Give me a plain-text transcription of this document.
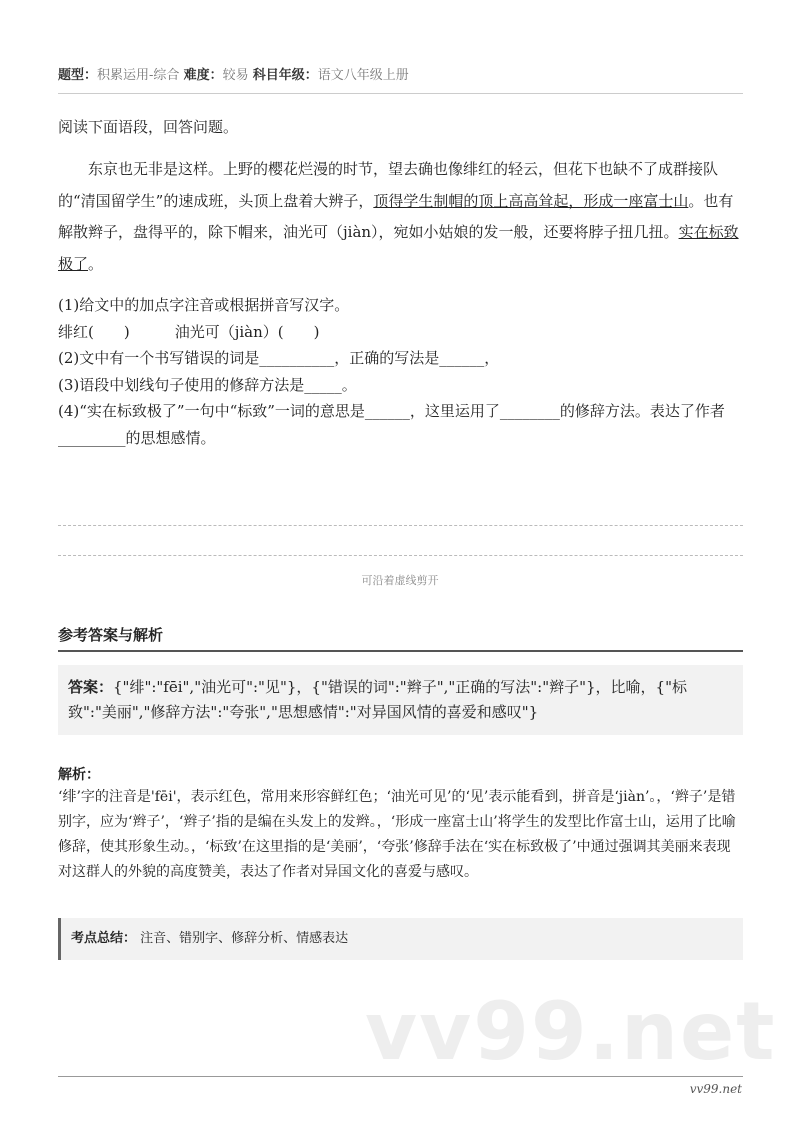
题型：积累运用-综合 难度：较易 科目年级：语文八年级上册
阅读下面语段，回答问题。
东京也无非是这样。上野的樱花烂漫的时节，望去确也像绯红的轻云，但花下也缺不了成群接队的“清国留学生”的速成班，头顶上盘着大辨子，顶得学生制帽的顶上高高耸起，形成一座富士山。也有解散辫子，盘得平的，除下帽来，油光可（jiàn），宛如小姑娘的发一般，还要将脖子扭几扭。实在标致极了。
(1)给文中的加点字注音或根据拼音写汉字。
绯红(　　)　　　油光可（jiàn）(　　)
(2)文中有一个书写错误的词是__________，正确的写法是______，
(3)语段中划线句子使用的修辞方法是_____。
(4)“实在标致极了”一句中“标致”一词的意思是______，这里运用了________的修辞方法。表达了作者_________的思想感情。
可沿着虚线剪开
参考答案与解析
答案：{"绯":"fēi","油光可":"见"}，{"错误的词":"辫子","正确的写法":"辫子"}，比喻，{"标致":"美丽","修辞方法":"夸张","思想感情":"对异国风情的喜爱和感叹"}
解析：
‘绯’字的注音是'fēi'，表示红色，常用来形容鲜红色；‘油光可见’的‘见’表示能看到，拼音是‘jiàn’。，‘辫子’是错别字，应为‘辫子’，‘辫子’指的是编在头发上的发辫。，‘形成一座富士山’将学生的发型比作富士山，运用了比喻修辞，使其形象生动。，‘标致’在这里指的是‘美丽’，‘夸张’修辞手法在‘实在标致极了’中通过强调其美丽来表现对这群人的外貌的高度赞美，表达了作者对异国文化的喜爱与感叹。
考点总结： 注音、错别字、修辞分析、情感表达
vv99.net
vv99.net
